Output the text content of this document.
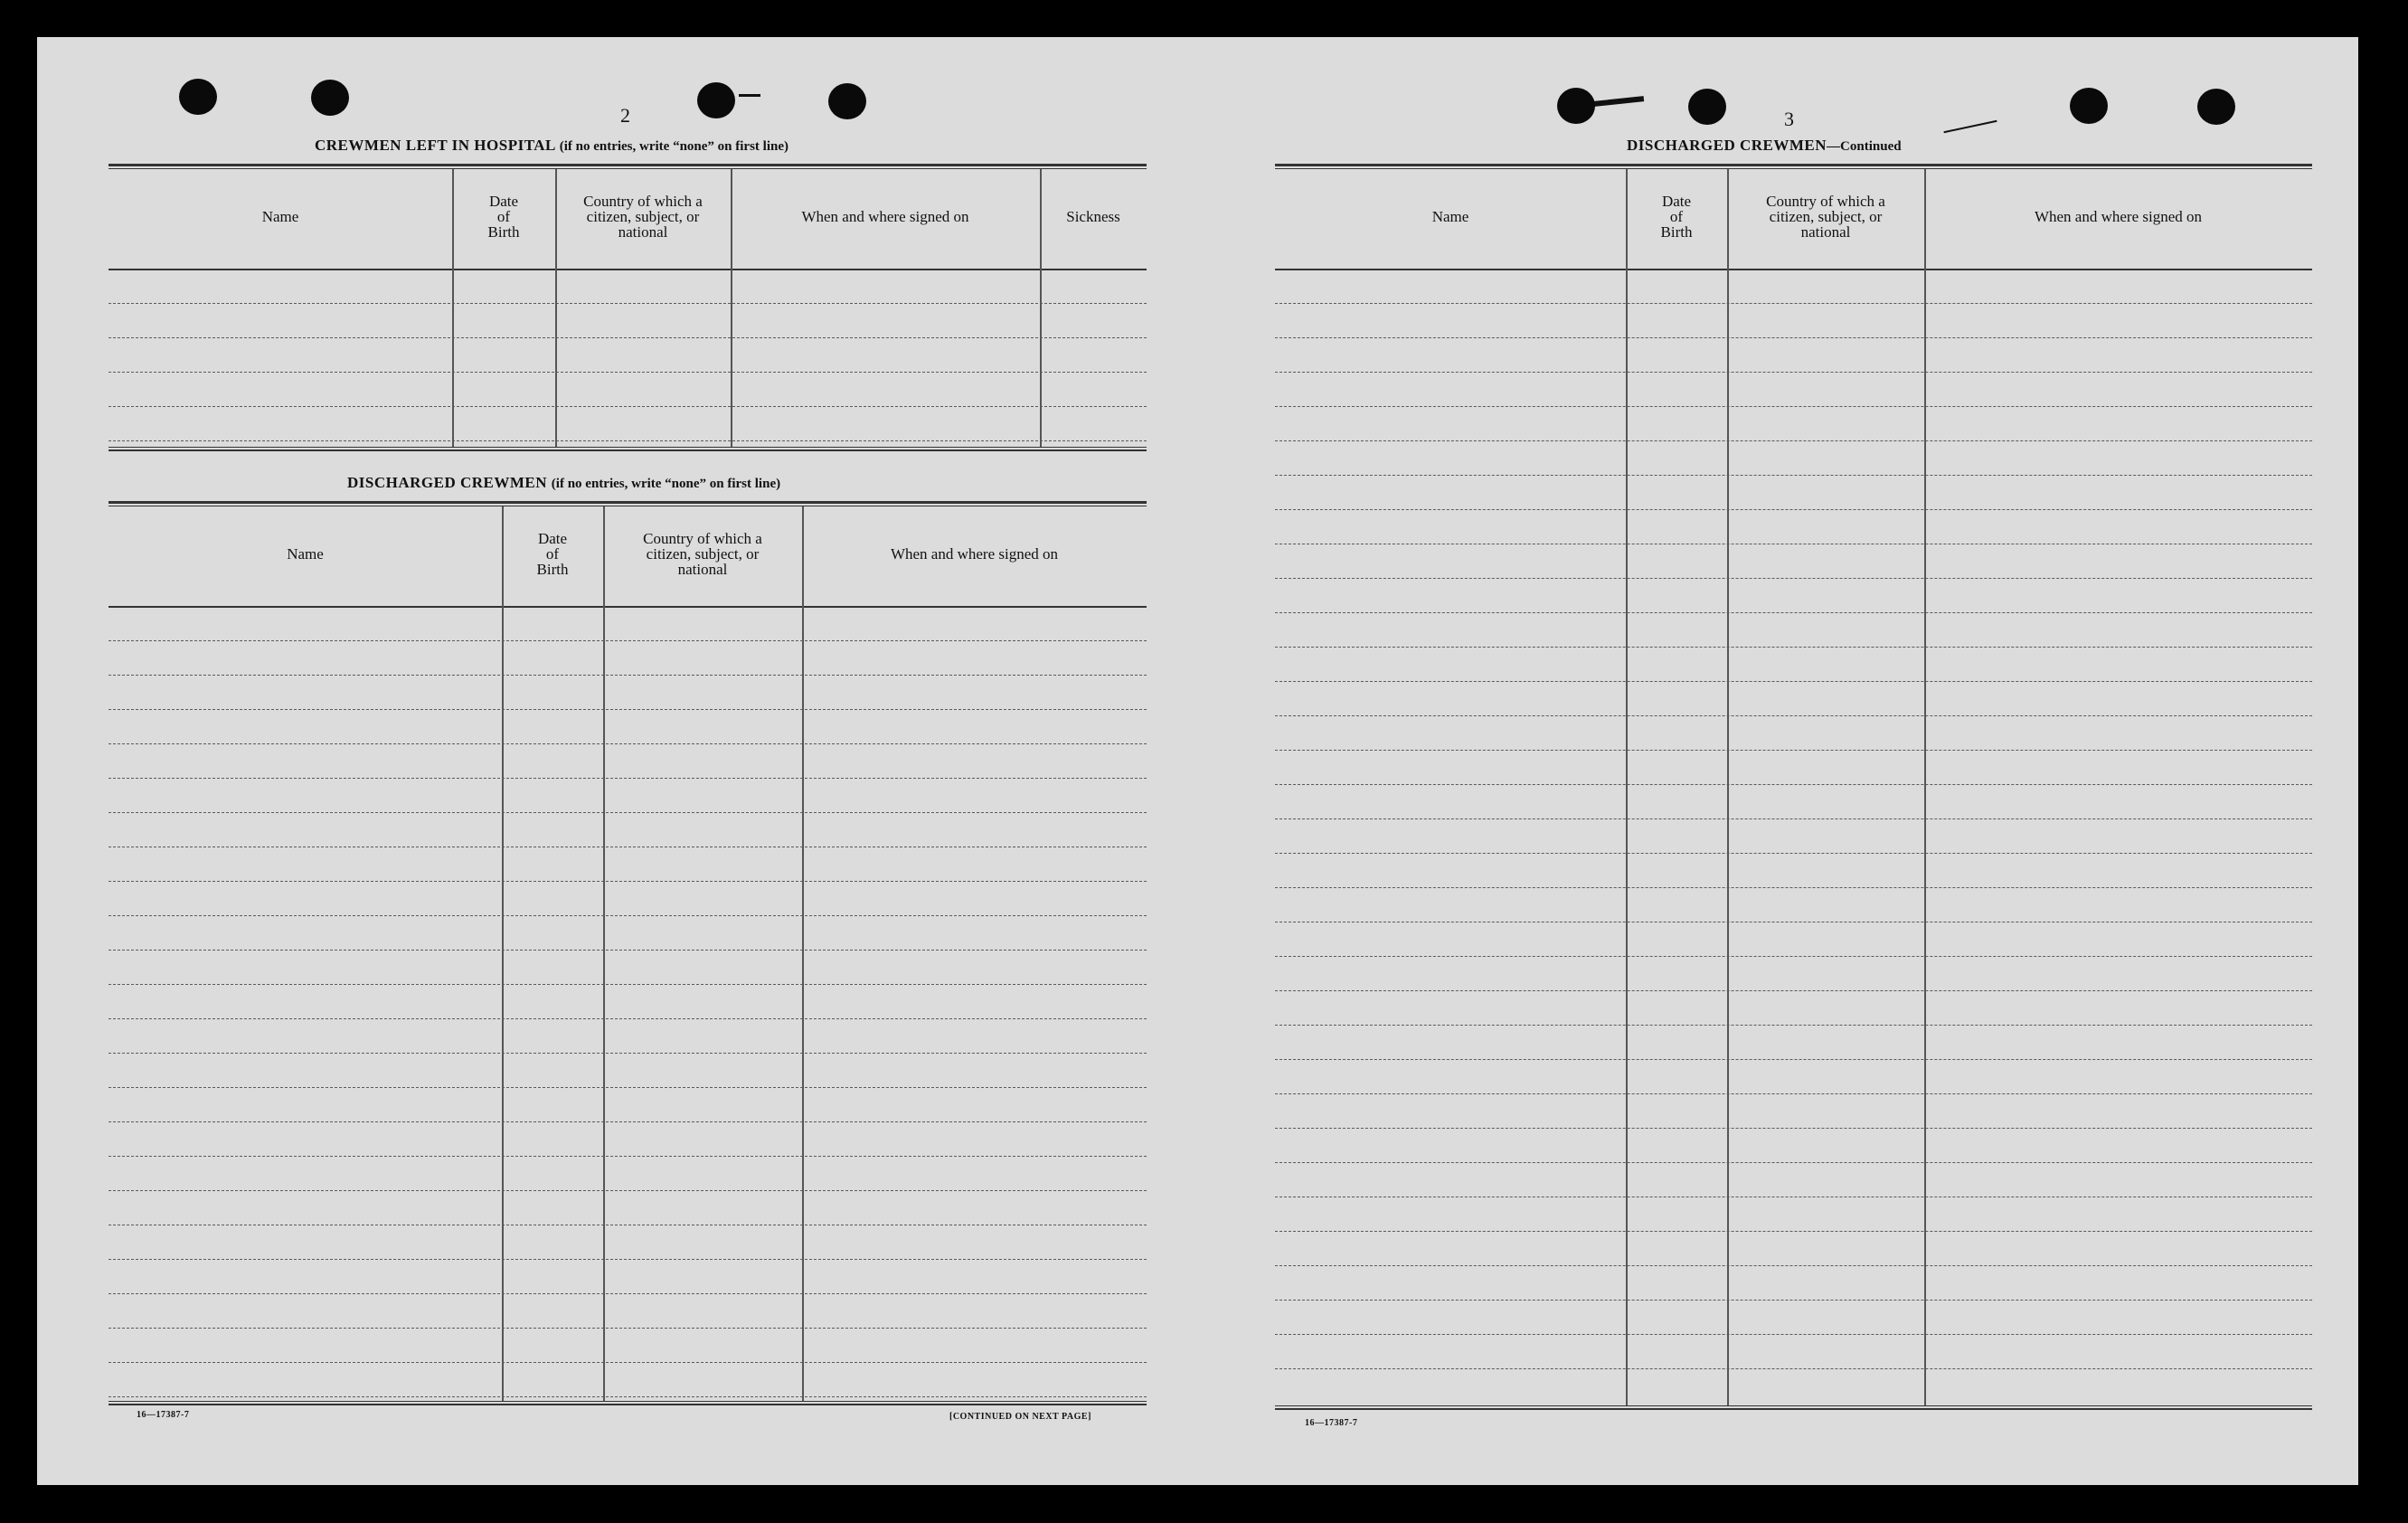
2
CREWMEN LEFT IN HOSPITAL (if no entries, write “none” on first line)
Name
Date
of
Birth
Country of which a
citizen, subject, or
national
When and where signed on	Sickness
DISCHARGED CREWMEN (if no entries, write “none” on first line)
Name
Date
of
Birth
Country of which a
citizen, subject, or
national
When and where signed on
16—17387-7	[CONTINUED ON NEXT PAGE]
3
DISCHARGED CREWMEN—Continued
Name
Date
of
Birth
Country of which a
citizen, subject, or
national
When and where signed on
16—17387-7
